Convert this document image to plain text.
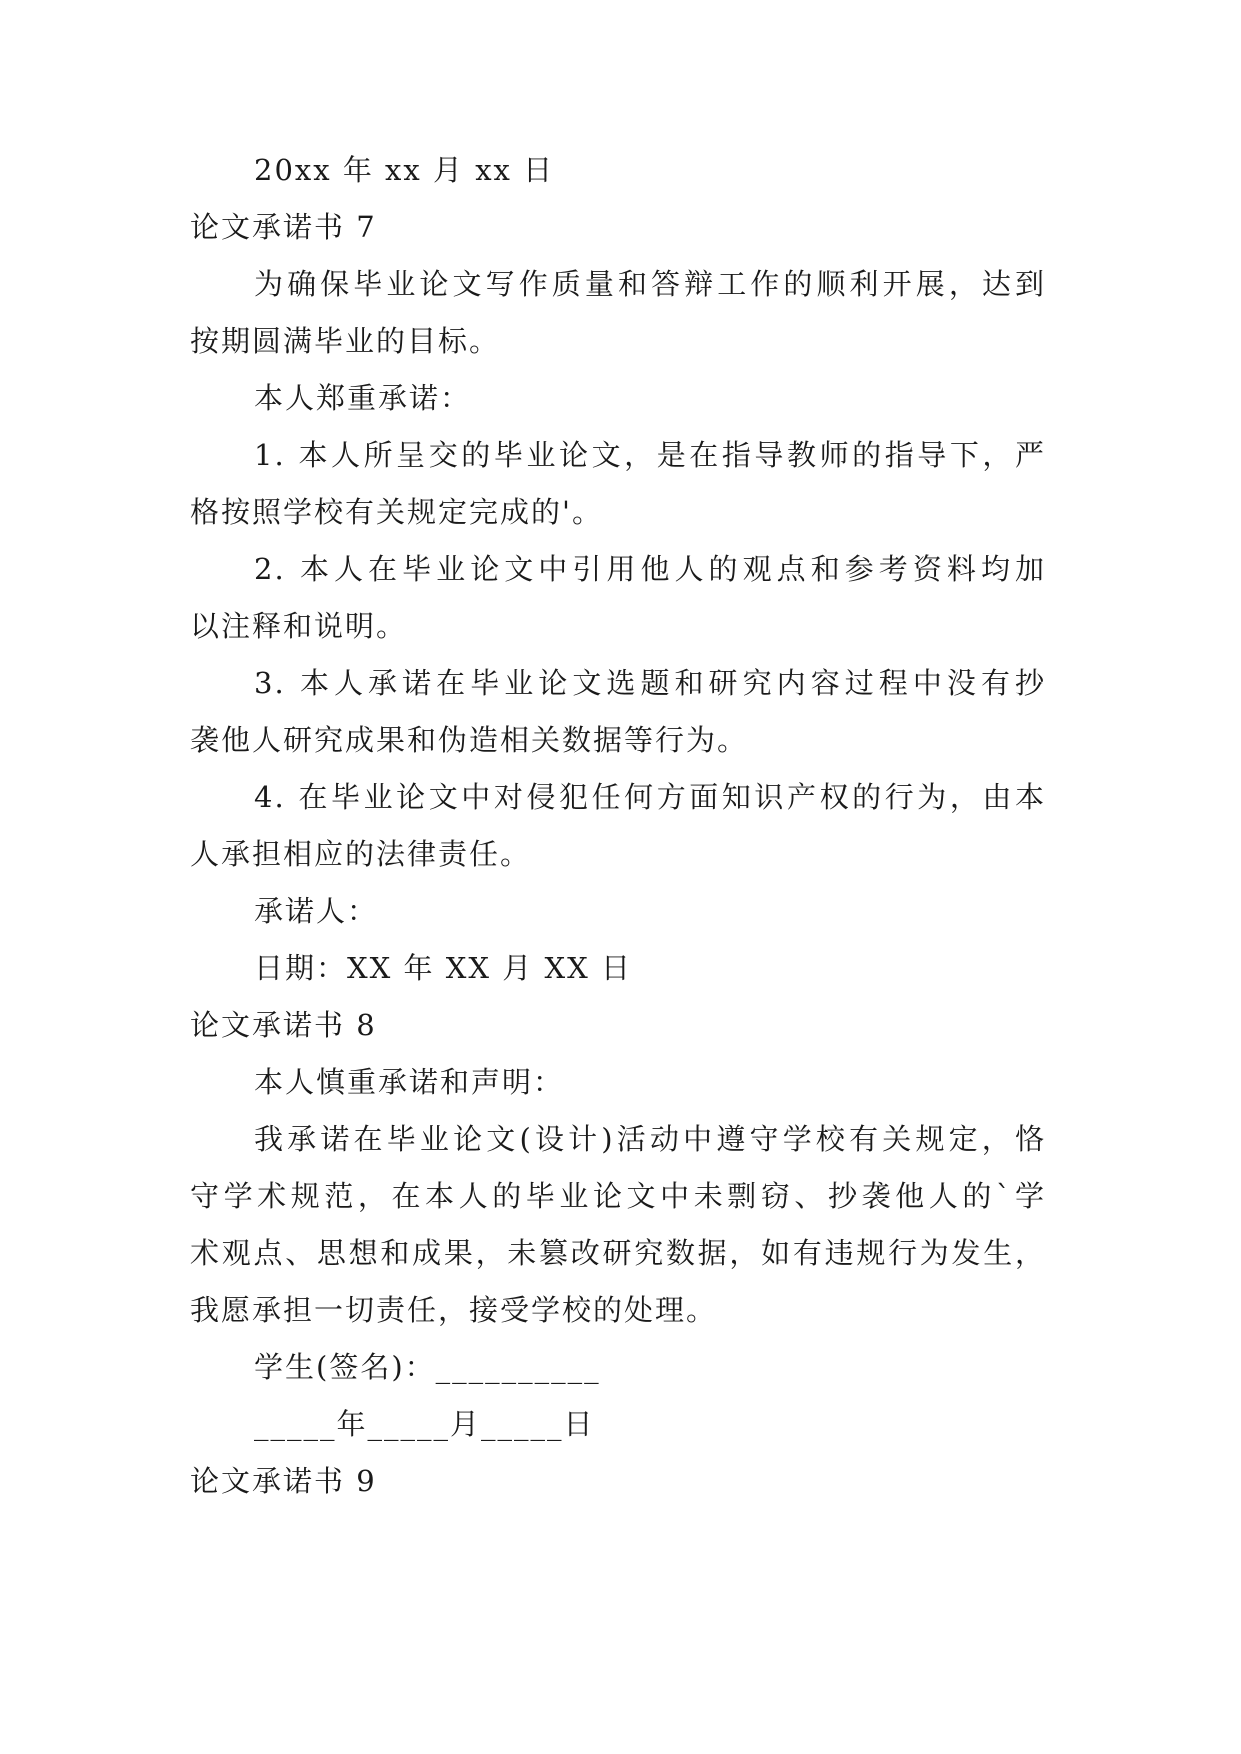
20xx 年 xx 月 xx 日
论文承诺书 7
为确保毕业论文写作质量和答辩工作的顺利开展，达到
按期圆满毕业的目标。
本人郑重承诺：
1. 本人所呈交的毕业论文，是在指导教师的指导下，严
格按照学校有关规定完成的'。
2. 本人在毕业论文中引用他人的观点和参考资料均加
以注释和说明。
3. 本人承诺在毕业论文选题和研究内容过程中没有抄
袭他人研究成果和伪造相关数据等行为。
4. 在毕业论文中对侵犯任何方面知识产权的行为，由本
人承担相应的法律责任。
承诺人：
日期：XX 年 XX 月 XX 日
论文承诺书 8
本人慎重承诺和声明：
我承诺在毕业论文(设计)活动中遵守学校有关规定，恪
守学术规范，在本人的毕业论文中未剽窃、抄袭他人的`学
术观点、思想和成果，未篡改研究数据，如有违规行为发生，
我愿承担一切责任，接受学校的处理。
学生(签名)：__________
_____年_____月_____日
论文承诺书 9
